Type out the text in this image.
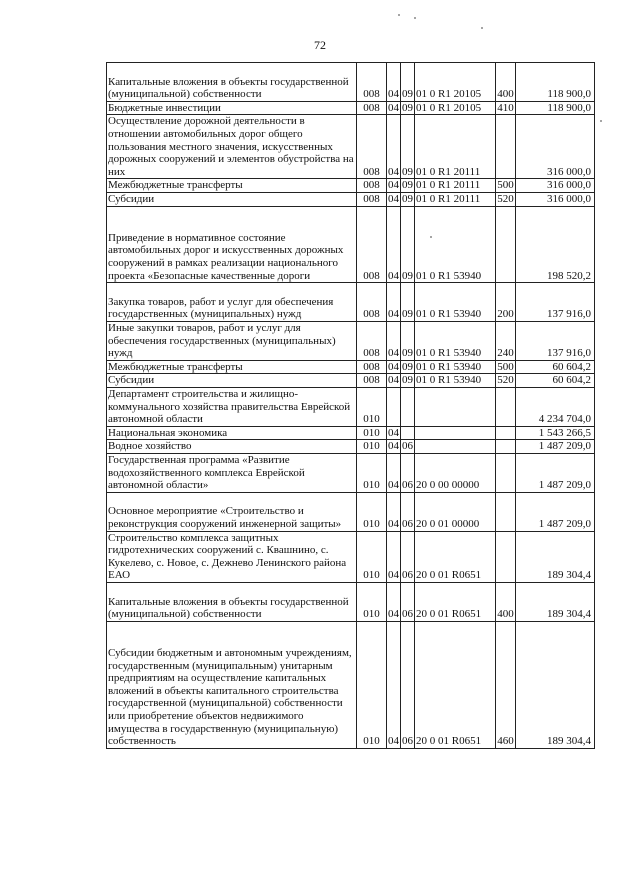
72
Капитальные вложения в объекты государственной (муниципальной) собственности	008	04	09	01 0 R1 20105	400	118 900,0
Бюджетные инвестиции	008	04	09	01 0 R1 20105	410	118 900,0
Осуществление дорожной деятельности в отношении автомобильных дорог общего пользования местного значения, искусственных дорожных сооружений и элементов обустройства на них	008	04	09	01 0 R1 20111		316 000,0
Межбюджетные трансферты	008	04	09	01 0 R1 20111	500	316 000,0
Субсидии	008	04	09	01 0 R1 20111	520	316 000,0
Приведение в нормативное состояние автомобильных дорог и искусственных дорожных сооружений в рамках реализации национального проекта «Безопасные качественные дороги	008	04	09	01 0 R1 53940		198 520,2
Закупка товаров, работ и услуг для обеспечения государственных (муниципальных) нужд	008	04	09	01 0 R1 53940	200	137 916,0
Иные закупки товаров, работ и услуг для обеспечения государственных (муниципальных) нужд	008	04	09	01 0 R1 53940	240	137 916,0
Межбюджетные трансферты	008	04	09	01 0 R1 53940	500	60 604,2
Субсидии	008	04	09	01 0 R1 53940	520	60 604,2
Департамент строительства и жилищно-коммунального хозяйства правительства Еврейской автономной области	010					4 234 704,0
Национальная экономика	010	04				1 543 266,5
Водное хозяйство	010	04	06			1 487 209,0
Государственная программа «Развитие водохозяйственного комплекса Еврейской автономной области»	010	04	06	20 0 00 00000		1 487 209,0
Основное мероприятие «Строительство и реконструкция сооружений инженерной защиты»	010	04	06	20 0 01 00000		1 487 209,0
Строительство комплекса защитных гидротехнических сооружений с. Квашнино, с. Кукелево, с. Новое, с. Дежнево Ленинского района ЕАО	010	04	06	20 0 01 R0651		189 304,4
Капитальные вложения в объекты государственной (муниципальной) собственности	010	04	06	20 0 01 R0651	400	189 304,4
Субсидии бюджетным и автономным учреждениям, государственным (муниципальным) унитарным предприятиям на осуществление капитальных вложений в объекты капитального строительства государственной (муниципальной) собственности или приобретение объектов недвижимого имущества в государственную (муниципальную) собственность	010	04	06	20 0 01 R0651	460	189 304,4
